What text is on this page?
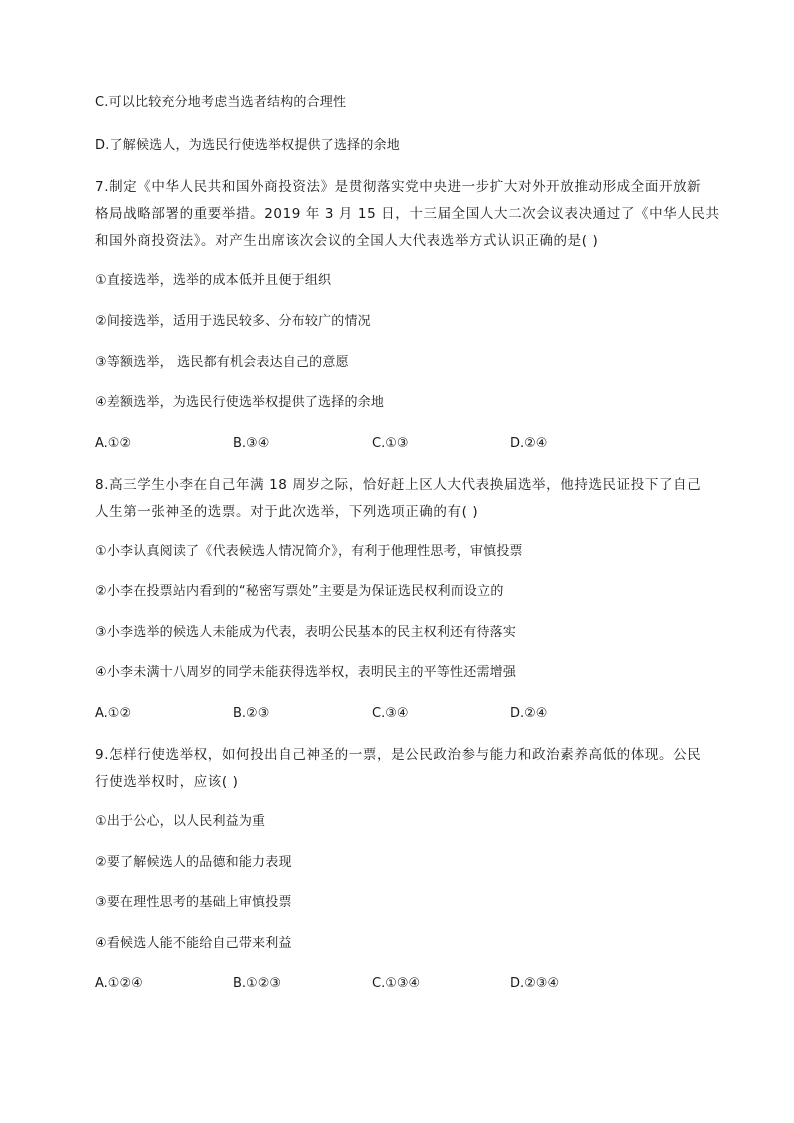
C.可以比较充分地考虑当选者结构的合理性
D.了解候选人，为选民行使选举权提供了选择的余地
7.制定《中华人民共和国外商投资法》是贯彻落实党中央进一步扩大对外开放推动形成全面开放新
格局战略部署的重要举措。2019 年 3 月 15 日，十三届全国人大二次会议表决通过了《中华人民共
和国外商投资法》。对产生出席该次会议的全国人大代表选举方式认识正确的是( )
①直接选举，选举的成本低并且便于组织
②间接选举，适用于选民较多、分布较广的情况
③等额选举， 选民都有机会表达自己的意愿
④差额选举，为选民行使选举权提供了选择的余地
A.①②	B.③④	C.①③	D.②④
8.高三学生小李在自己年满 18 周岁之际，恰好赶上区人大代表换届选举，他持选民证投下了自己
人生第一张神圣的选票。对于此次选举，下列选项正确的有( )
①小李认真阅读了《代表候选人情况简介》，有利于他理性思考，审慎投票
②小李在投票站内看到的“秘密写票处”主要是为保证选民权利而设立的
③小李选举的候选人未能成为代表，表明公民基本的民主权利还有待落实
④小李未满十八周岁的同学未能获得选举权，表明民主的平等性还需增强
A.①②	B.②③	C.③④	D.②④
9.怎样行使选举权，如何投出自己神圣的一票，是公民政治参与能力和政治素养高低的体现。公民
行使选举权时，应该( )
①出于公心，以人民利益为重
②要了解候选人的品德和能力表现
③要在理性思考的基础上审慎投票
④看候选人能不能给自己带来利益
A.①②④	B.①②③	C.①③④	D.②③④
